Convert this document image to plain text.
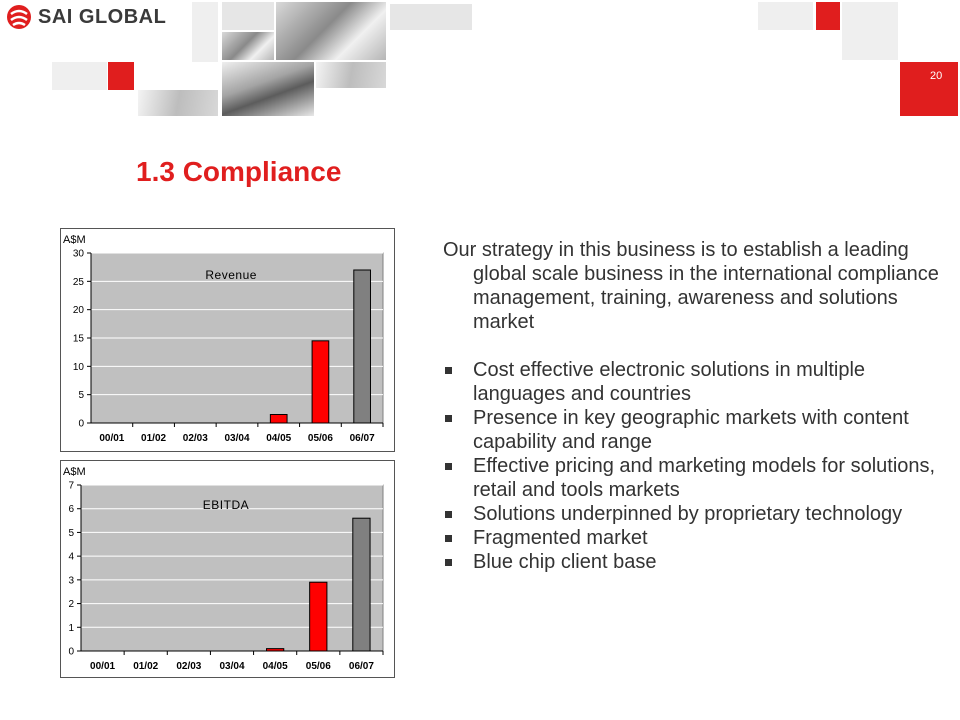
SAI GLOBAL
20
1.3 Compliance
A$M
0
5
10
15
20
25
30
00/01 01/02 02/03 03/04 04/05 05/06 06/07
Revenue
A$M
0
1
2
3
4
5
6
7
00/01 01/02 02/03 03/04 04/05 05/06 06/07
EBITDA

Our strategy in this business is to establish a leading global scale business in the international compliance management, training, awareness and solutions market

Cost effective electronic solutions in multiple languages and countries
Presence in key geographic markets with content capability and range
Effective pricing and marketing models for solutions, retail and tools markets
Solutions underpinned by proprietary technology
Fragmented market
Blue chip client base
